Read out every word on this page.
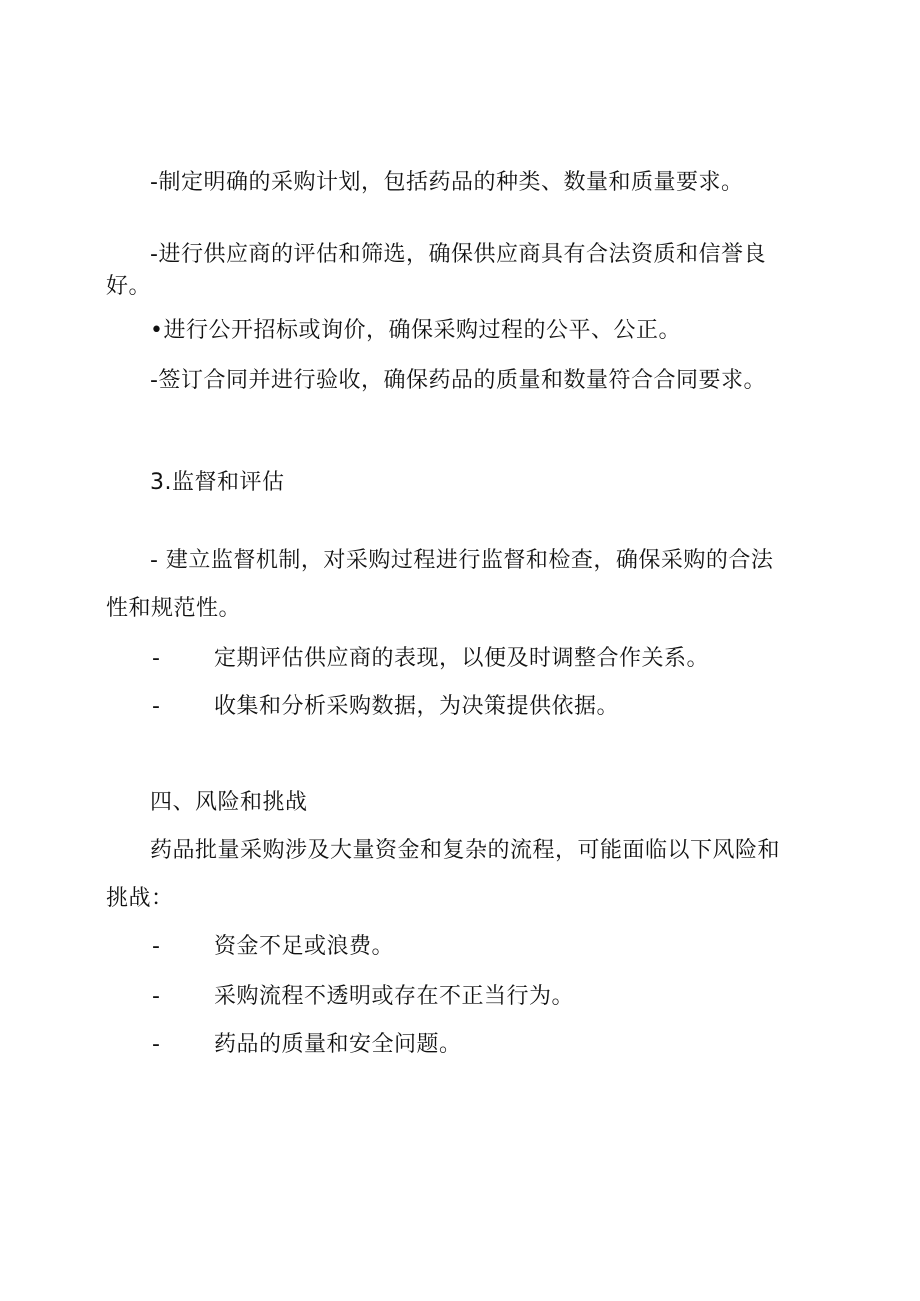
-制定明确的采购计划，包括药品的种类、数量和质量要求。
-进行供应商的评估和筛选，确保供应商具有合法资质和信誉良
好。
•进行公开招标或询价，确保采购过程的公平、公正。
-签订合同并进行验收，确保药品的质量和数量符合合同要求。
3.监督和评估
- 建立监督机制，对采购过程进行监督和检查，确保采购的合法
性和规范性。
- 定期评估供应商的表现，以便及时调整合作关系。
- 收集和分析采购数据，为决策提供依据。
四、风险和挑战
药品批量采购涉及大量资金和复杂的流程，可能面临以下风险和
挑战：
- 资金不足或浪费。
- 采购流程不透明或存在不正当行为。
- 药品的质量和安全问题。
